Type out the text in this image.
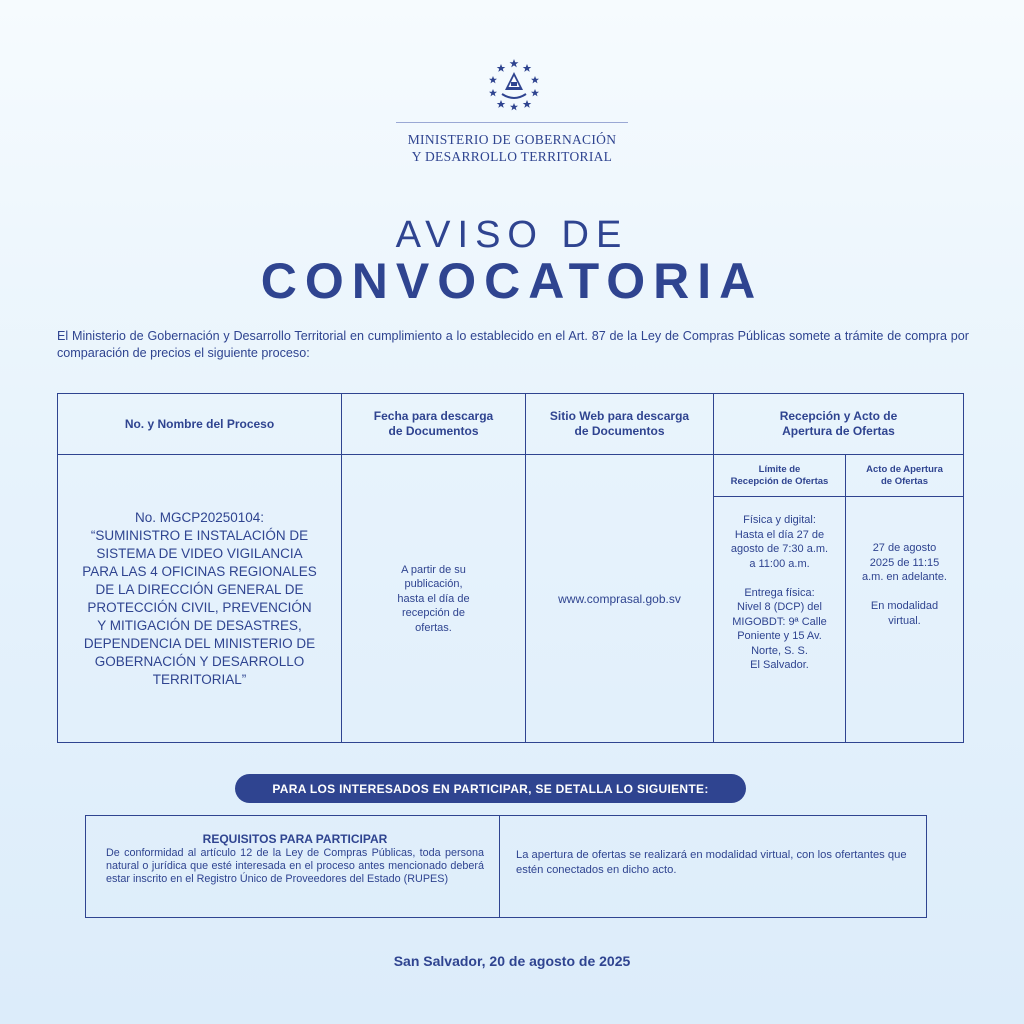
MINISTERIO DE GOBERNACIÓN
Y DESARROLLO TERRITORIAL
AVISO DE
CONVOCATORIA
El Ministerio de Gobernación y Desarrollo Territorial en cumplimiento a lo establecido en el Art. 87 de la Ley de Compras Públicas somete a trámite de compra por comparación de precios el siguiente proceso:
No. y Nombre del Proceso
Fecha para descarga
de Documentos
Sitio Web para descarga
de Documentos
Recepción y Acto de
Apertura de Ofertas
Límite de
Recepción de Ofertas
Acto de Apertura
de Ofertas
No. MGCP20250104:
“SUMINISTRO E INSTALACIÓN DE
SISTEMA DE VIDEO VIGILANCIA
PARA LAS 4 OFICINAS REGIONALES
DE LA DIRECCIÓN GENERAL DE
PROTECCIÓN CIVIL, PREVENCIÓN
Y MITIGACIÓN DE DESASTRES,
DEPENDENCIA DEL MINISTERIO DE
GOBERNACIÓN Y DESARROLLO
TERRITORIAL”
A partir de su
publicación,
hasta el día de
recepción de
ofertas.
www.comprasal.gob.sv
Física y digital:
Hasta el día 27 de
agosto de 7:30 a.m.
a 11:00 a.m.
Entrega física:
Nivel 8 (DCP) del
MIGOBDT: 9ª Calle
Poniente y 15 Av.
Norte, S. S.
El Salvador.
27 de agosto
2025 de 11:15
a.m. en adelante.
En modalidad
virtual.
PARA LOS INTERESADOS EN PARTICIPAR, SE DETALLA LO SIGUIENTE:
REQUISITOS PARA PARTICIPAR
De conformidad al artículo 12 de la Ley de Compras Públicas, toda persona natural o jurídica que esté interesada en el proceso antes mencionado deberá estar inscrito en el Registro Único de Proveedores del Estado (RUPES)
La apertura de ofertas se realizará en modalidad virtual, con los ofertantes que estén conectados en dicho acto.
San Salvador, 20 de agosto de 2025
